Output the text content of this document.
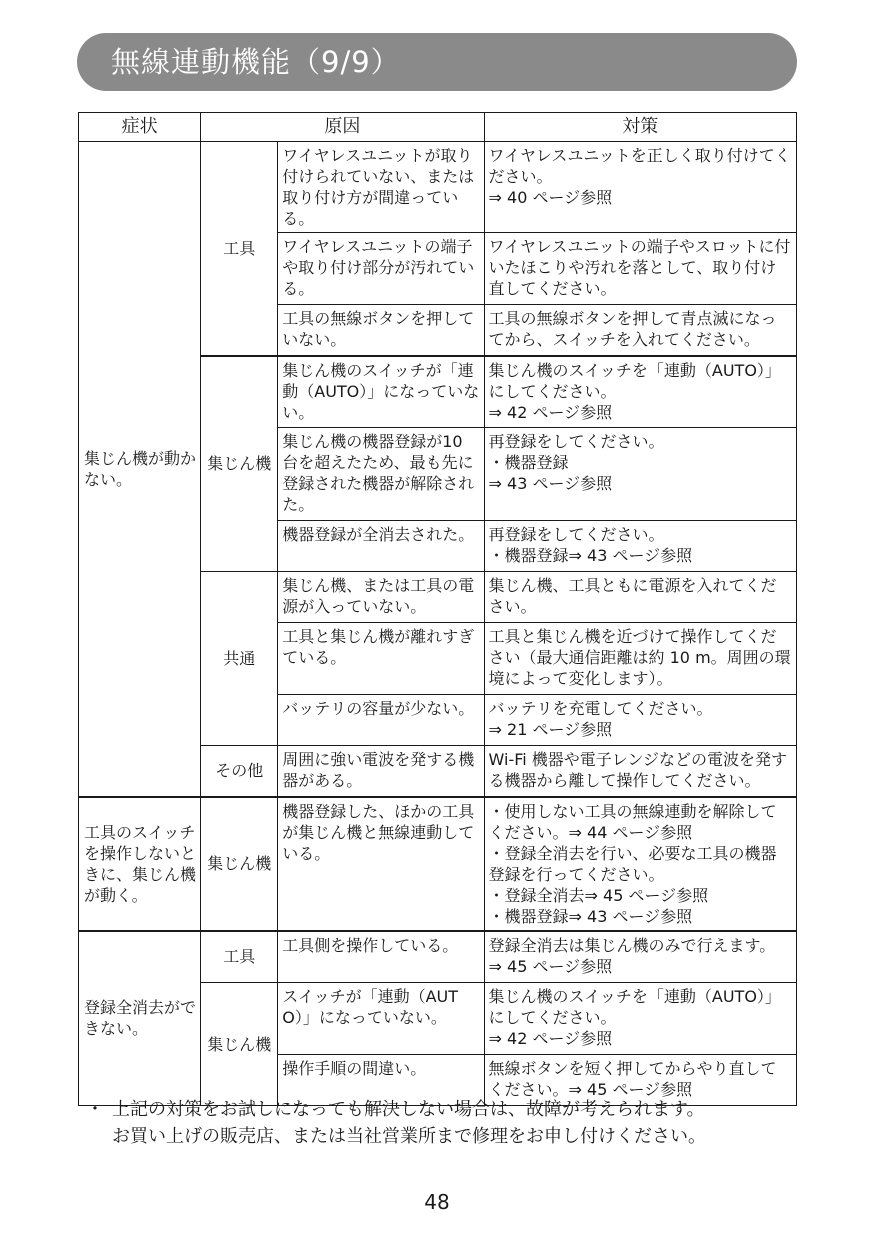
無線連動機能（9/9）
症状	原因		対策
集じん機が動かない。	工具	ワイヤレスユニットが取り付けられていない、または取り付け方が間違っている。	ワイヤレスユニットを正しく取り付けてください。
⇒ 40 ページ参照
		ワイヤレスユニットの端子や取り付け部分が汚れている。	ワイヤレスユニットの端子やスロットに付いたほこりや汚れを落として、取り付け直してください。
		工具の無線ボタンを押していない。	工具の無線ボタンを押して青点滅になってから、スイッチを入れてください。
	集じん機	集じん機のスイッチが「連動（AUTO）」になっていない。	集じん機のスイッチを「連動（AUTO）」にしてください。
⇒ 42 ページ参照
		集じん機の機器登録が10 台を超えたため、最も先に登録された機器が解除された。	再登録をしてください。
・機器登録
⇒ 43 ページ参照
		機器登録が全消去された。	再登録をしてください。
・機器登録⇒ 43 ページ参照
	共通	集じん機、または工具の電源が入っていない。	集じん機、工具ともに電源を入れてください。
		工具と集じん機が離れすぎている。	工具と集じん機を近づけて操作してください（最大通信距離は約 10 m。周囲の環境によって変化します）。
		バッテリの容量が少ない。	バッテリを充電してください。
⇒ 21 ページ参照
	その他	周囲に強い電波を発する機器がある。	Wi-Fi 機器や電子レンジなどの電波を発する機器から離して操作してください。
工具のスイッチを操作しないときに、集じん機が動く。	集じん機	機器登録した、ほかの工具が集じん機と無線連動している。	・使用しない工具の無線連動を解除してください。⇒ 44 ページ参照
・登録全消去を行い、必要な工具の機器登録を行ってください。
・登録全消去⇒ 45 ページ参照
・機器登録⇒ 43 ページ参照
登録全消去ができない。	工具	工具側を操作している。	登録全消去は集じん機のみで行えます。
⇒ 45 ページ参照
	集じん機	スイッチが「連動（AUTO）」になっていない。	集じん機のスイッチを「連動（AUTO）」にしてください。
⇒ 42 ページ参照
		操作手順の間違い。	無線ボタンを短く押してからやり直してください。⇒ 45 ページ参照
・ 上記の対策をお試しになっても解決しない場合は、故障が考えられます。
お買い上げの販売店、または当社営業所まで修理をお申し付けください。
48
